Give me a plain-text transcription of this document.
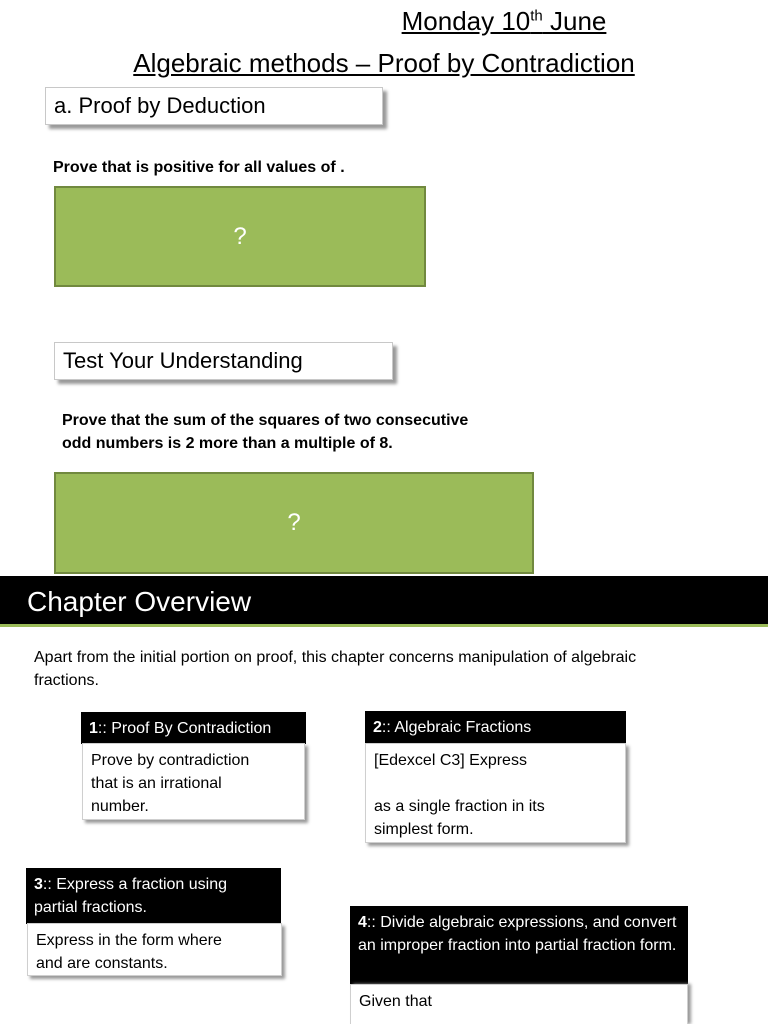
Monday 10th June
Algebraic methods – Proof by Contradiction
a. Proof by Deduction
Prove that is positive for all values of .
?
Test Your Understanding
Prove that the sum of the squares of two consecutive
odd numbers is 2 more than a multiple of 8.
?
Chapter Overview
Apart from the initial portion on proof, this chapter concerns manipulation of algebraic fractions.
1:: Proof By Contradiction
Prove by contradiction
that is an irrational
number.
2:: Algebraic Fractions
[Edexcel C3] Express
as a single fraction in its
simplest form.
3:: Express a fraction using partial fractions.
Express in the form where
and are constants.
4:: Divide algebraic expressions, and convert an improper fraction into partial fraction form.
Given that
